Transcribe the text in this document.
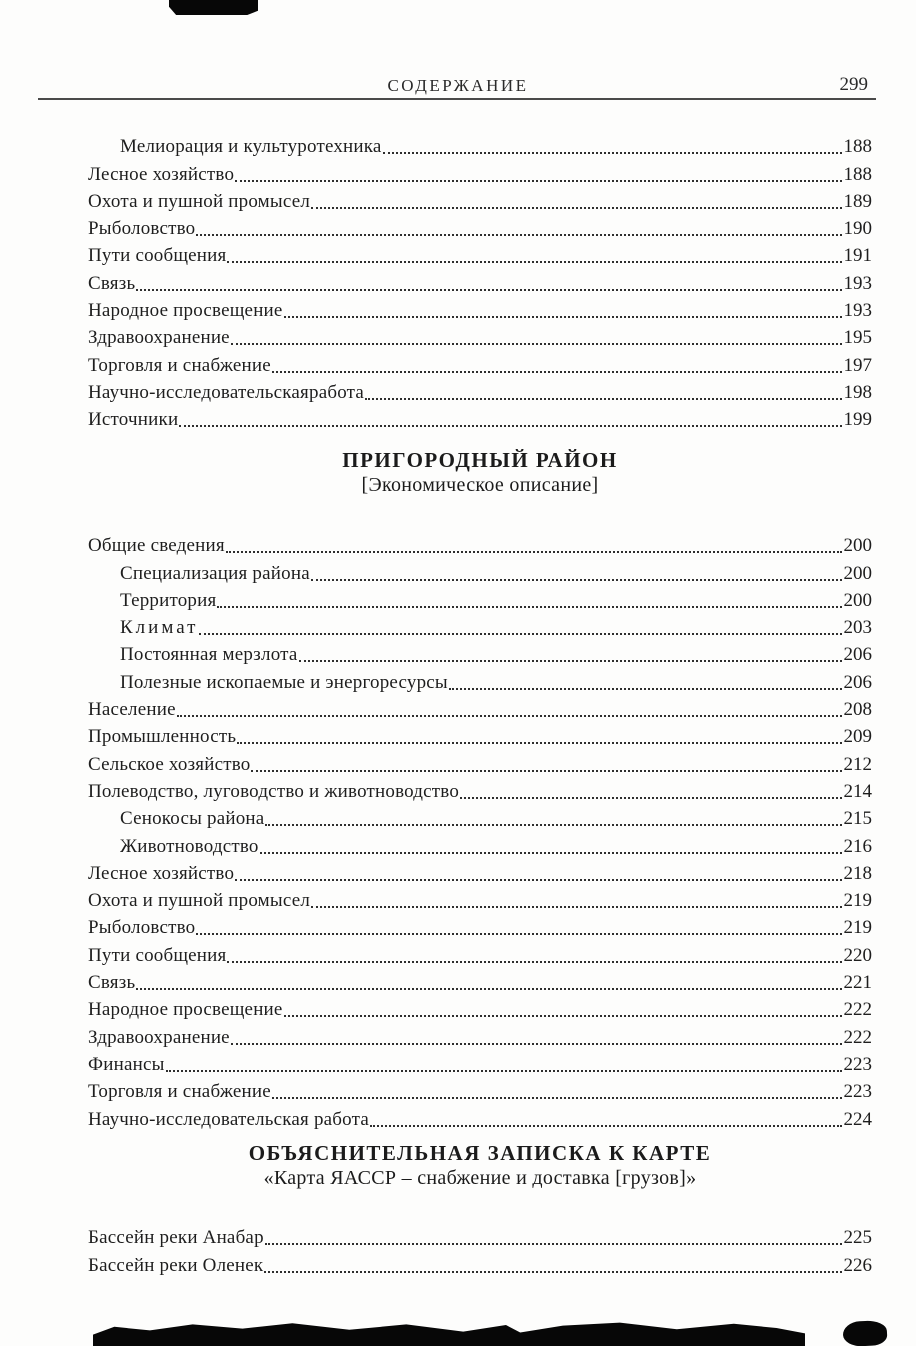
СОДЕРЖАНИЕ	299
Мелиорация и культуротехника	188
Лесное хозяйство	188
Охота и пушной промысел	189
Рыболовство	190
Пути сообщения	191
Связь	193
Народное просвещение	193
Здравоохранение	195
Торговля и снабжение	197
Научно-исследовательскаяработа	198
Источники	199
ПРИГОРОДНЫЙ РАЙОН
[Экономическое описание]
Общие сведения	200
Специализация района	200
Территория	200
Климат	203
Постоянная мерзлота	206
Полезные ископаемые и энергоресурсы	206
Население	208
Промышленность	209
Сельское хозяйство	212
Полеводство, луговодство и животноводство	214
Сенокосы района	215
Животноводство	216
Лесное хозяйство	218
Охота и пушной промысел	219
Рыболовство	219
Пути сообщения	220
Связь	221
Народное просвещение	222
Здравоохранение	222
Финансы	223
Торговля и снабжение	223
Научно-исследовательская работа	224
ОБЪЯСНИТЕЛЬНАЯ ЗАПИСКА К КАРТЕ
«Карта ЯАССР – снабжение и доставка [грузов]»
Бассейн реки Анабар	225
Бассейн реки Оленек	226
